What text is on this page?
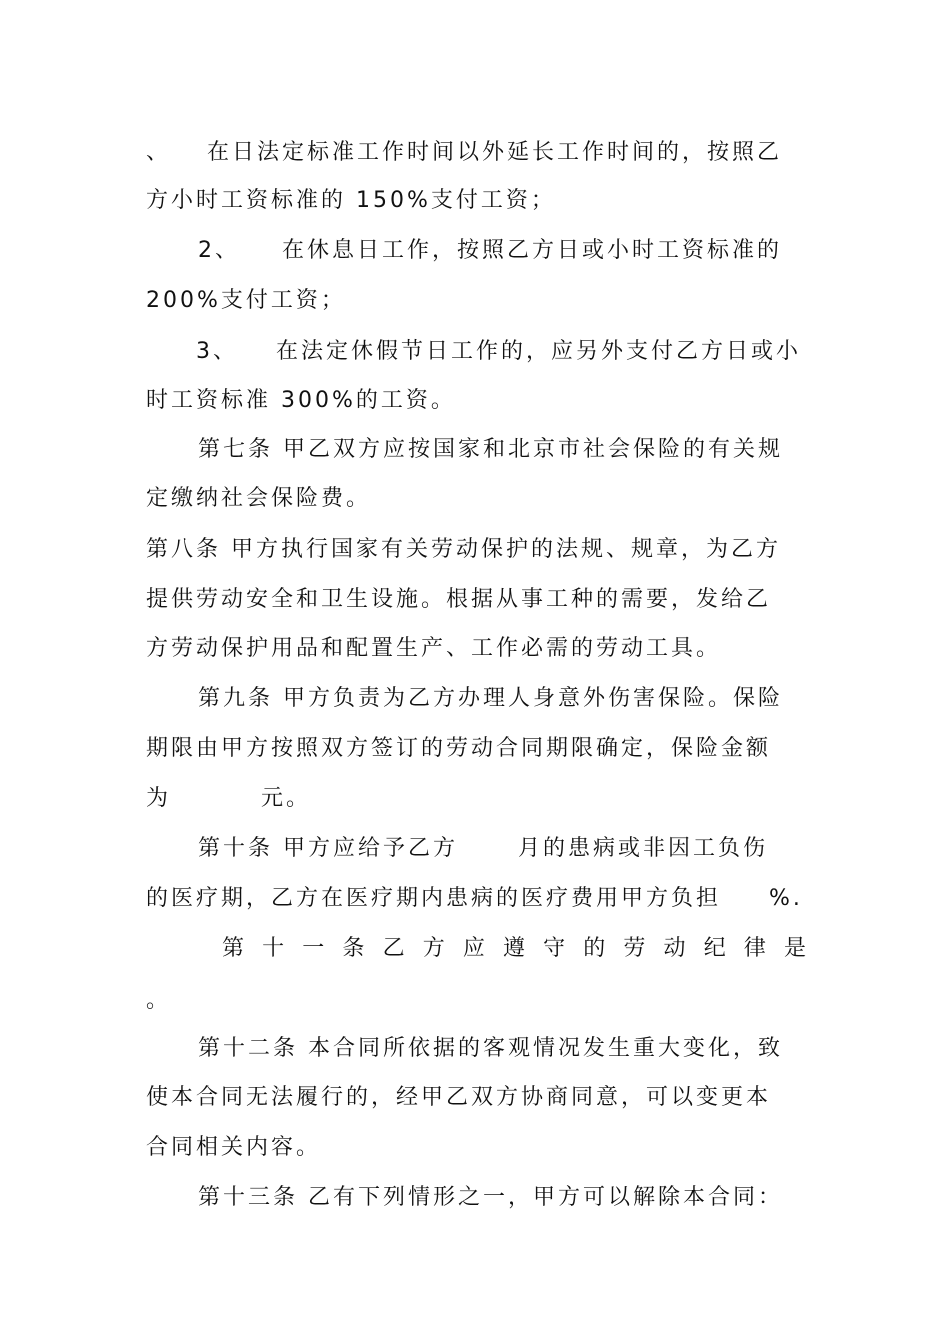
、 在日法定标准工作时间以外延长工作时间的，按照乙
方小时工资标准的 150%支付工资；
2、 在休息日工作，按照乙方日或小时工资标准的
200%支付工资；
3、 在法定休假节日工作的，应另外支付乙方日或小
时工资标准 300%的工资。
第七条 甲乙双方应按国家和北京市社会保险的有关规
定缴纳社会保险费。
第八条 甲方执行国家有关劳动保护的法规、规章，为乙方
提供劳动安全和卫生设施。根据从事工种的需要，发给乙
方劳动保护用品和配置生产、工作必需的劳动工具。
第九条 甲方负责为乙方办理人身意外伤害保险。保险
期限由甲方按照双方签订的劳动合同期限确定，保险金额
为	元。
第十条 甲方应给予乙方	月的患病或非因工负伤
的医疗期，乙方在医疗期内患病的医疗费用甲方负担 %.
第 十 一 条 乙 方 应 遵 守 的 劳 动 纪 律 是
。
第十二条 本合同所依据的客观情况发生重大变化，致
使本合同无法履行的，经甲乙双方协商同意，可以变更本
合同相关内容。
第十三条 乙有下列情形之一，甲方可以解除本合同：
